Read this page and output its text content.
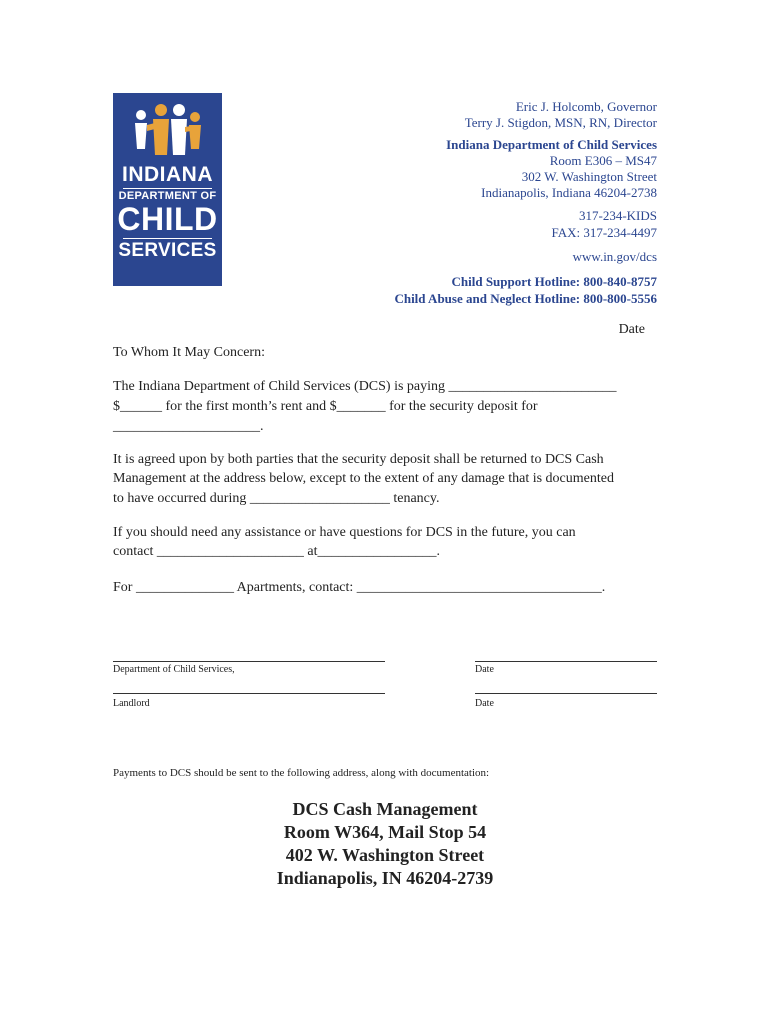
INDIANA
DEPARTMENT OF
CHILD
SERVICES
Eric J. Holcomb, Governor
Terry J. Stigdon, MSN, RN, Director
Indiana Department of Child Services
Room E306 – MS47
302 W. Washington Street
Indianapolis, Indiana 46204-2738
317-234-KIDS
FAX: 317-234-4497
www.in.gov/dcs
Child Support Hotline: 800-840-8757
Child Abuse and Neglect Hotline: 800-800-5556
Date
To Whom It May Concern:
The Indiana Department of Child Services (DCS) is paying ________________________
$______ for the first month’s rent and $_______ for the security deposit for
_____________________.
It is agreed upon by both parties that the security deposit shall be returned to DCS Cash
Management at the address below, except to the extent of any damage that is documented
to have occurred during ____________________ tenancy.
If you should need any assistance or have questions for DCS in the future, you can
contact _____________________ at_________________.
For ______________ Apartments, contact: ___________________________________.
Department of Child Services,	Date
Landlord	Date
Payments to DCS should be sent to the following address, along with documentation:
DCS Cash Management
Room W364, Mail Stop 54
402 W. Washington Street
Indianapolis, IN 46204-2739
